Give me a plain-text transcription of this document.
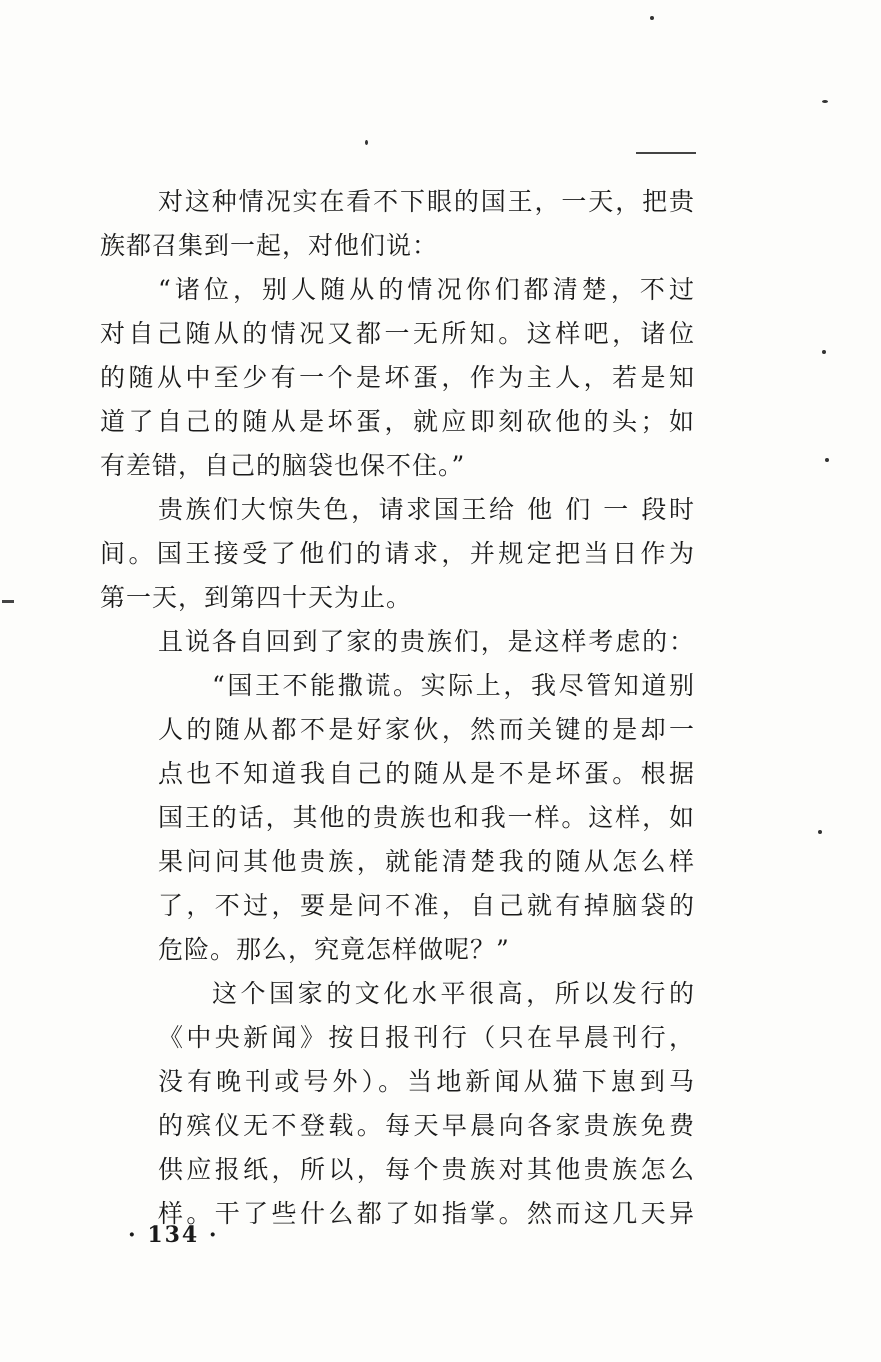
对这种情况实在看不下眼的国王，一天，把贵
族都召集到一起，对他们说：
“诸位，别人随从的情况你们都清楚，不过
对自己随从的情况又都一无所知。这样吧，诸位
的随从中至少有一个是坏蛋，作为主人，若是知
道了自己的随从是坏蛋，就应即刻砍他的头；如
有差错，自己的脑袋也保不住。”
贵族们大惊失色，请求国王给 他 们 一 段时
间。国王接受了他们的请求，并规定把当日作为
第一天，到第四十天为止。
且说各自回到了家的贵族们，是这样考虑的：
“国王不能撒谎。实际上，我尽管知道别
人的随从都不是好家伙，然而关键的是却一
点也不知道我自己的随从是不是坏蛋。根据
国王的话，其他的贵族也和我一样。这样，如
果问问其他贵族，就能清楚我的随从怎么样
了，不过，要是问不准，自己就有掉脑袋的
危险。那么，究竟怎样做呢？”
这个国家的文化水平很高，所以发行的
《中央新闻》按日报刊行（只在早晨刊行，
没有晚刊或号外）。当地新闻从猫下崽到马
的殡仪无不登载。每天早晨向各家贵族免费
供应报纸，所以，每个贵族对其他贵族怎么
样。干了些什么都了如指掌。然而这几天异
· 134 ·
